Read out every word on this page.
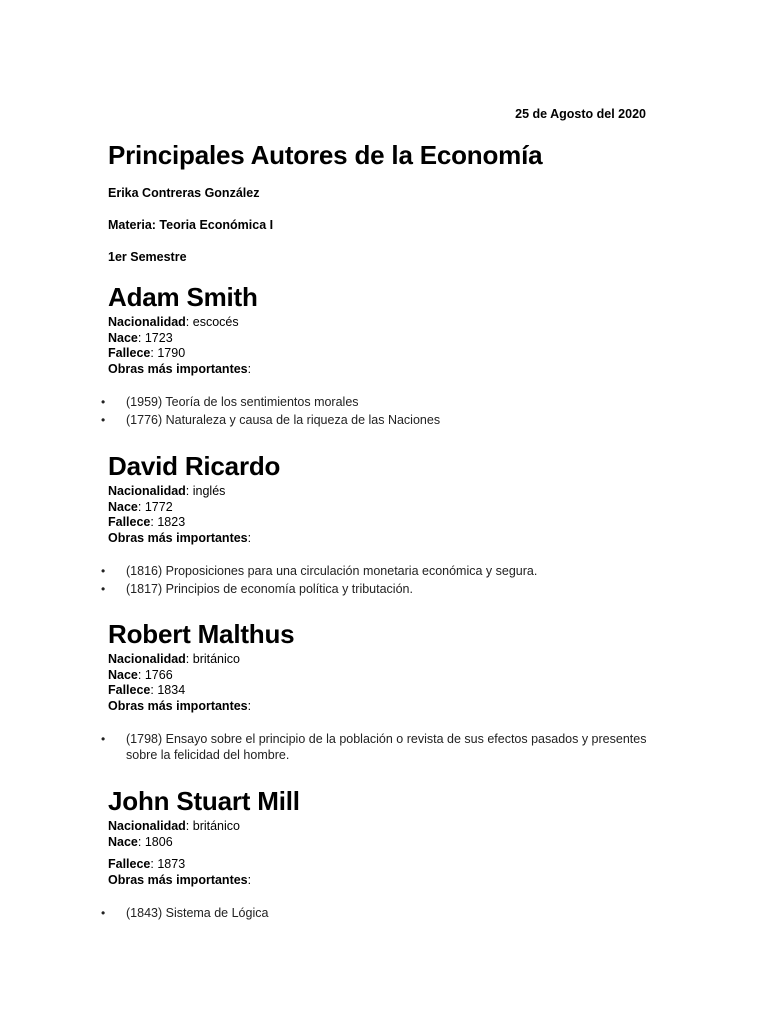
25 de Agosto del 2020
Principales Autores de la Economía

Erika Contreras González

Materia: Teoria Económica I

1er Semestre

Adam Smith
Nacionalidad: escocés
Nace: 1723
Fallece: 1790
Obras más importantes:
• (1959) Teoría de los sentimientos morales
• (1776) Naturaleza y causa de la riqueza de las Naciones
David Ricardo
Nacionalidad: inglés
Nace: 1772
Fallece: 1823
Obras más importantes:
• (1816) Proposiciones para una circulación monetaria económica y segura.
• (1817) Principios de economía política y tributación.
Robert Malthus
Nacionalidad: británico
Nace: 1766
Fallece: 1834
Obras más importantes:
• (1798) Ensayo sobre el principio de la población o revista de sus efectos pasados y presentes sobre la felicidad del hombre.
John Stuart Mill
Nacionalidad: británico
Nace: 1806
Fallece: 1873
Obras más importantes:
• (1843) Sistema de Lógica
